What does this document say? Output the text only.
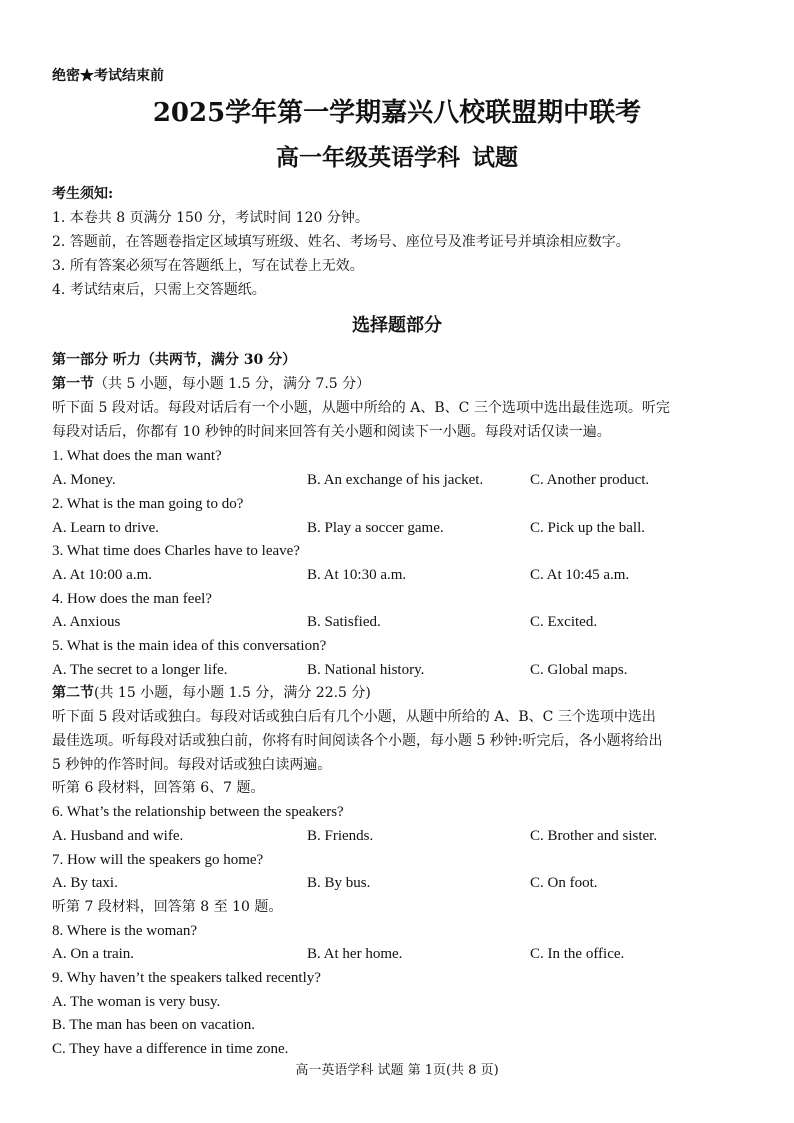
绝密★考试结束前
2025学年第一学期嘉兴八校联盟期中联考
高一年级英语学科 试题
考生须知:
1. 本卷共 8 页满分 150 分，考试时间 120 分钟。
2. 答题前，在答题卷指定区域填写班级、姓名、考场号、座位号及准考证号并填涂相应数字。
3. 所有答案必须写在答题纸上，写在试卷上无效。
4. 考试结束后，只需上交答题纸。
选择题部分
第一部分 听力（共两节，满分 30 分）
第一节（共 5 小题，每小题 1.5 分，满分 7.5 分）
听下面 5 段对话。每段对话后有一个小题，从题中所给的 A、B、C 三个选项中选出最佳选项。听完
每段对话后，你都有 10 秒钟的时间来回答有关小题和阅读下一小题。每段对话仅读一遍。
1. What does the man want?
A. Money.	B. An exchange of his jacket.	C. Another product.
2. What is the man going to do?
A. Learn to drive.	B. Play a soccer game.	C. Pick up the ball.
3. What time does Charles have to leave?
A. At 10:00 a.m.	B. At 10:30 a.m.	C. At 10:45 a.m.
4. How does the man feel?
A. Anxious	B. Satisfied.	C. Excited.
5. What is the main idea of this conversation?
A. The secret to a longer life.	B. National history.	C. Global maps.
第二节(共 15 小题，每小题 1.5 分，满分 22.5 分)
听下面 5 段对话或独白。每段对话或独白后有几个小题，从题中所给的 A、B、C 三个选项中选出
最佳选项。听每段对话或独白前，你将有时间阅读各个小题，每小题 5 秒钟:听完后，各小题将给出
5 秒钟的作答时间。每段对话或独白读两遍。
听第 6 段材料，回答第 6、7 题。
6. What’s the relationship between the speakers?
A. Husband and wife.	B. Friends.	C. Brother and sister.
7. How will the speakers go home?
A. By taxi.	B. By bus.	C. On foot.
听第 7 段材料，回答第 8 至 10 题。
8. Where is the woman?
A. On a train.	B. At her home.	C. In the office.
9. Why haven’t the speakers talked recently?
A. The woman is very busy.
B. The man has been on vacation.
C. They have a difference in time zone.
高一英语学科 试题 第 1页(共 8 页)
